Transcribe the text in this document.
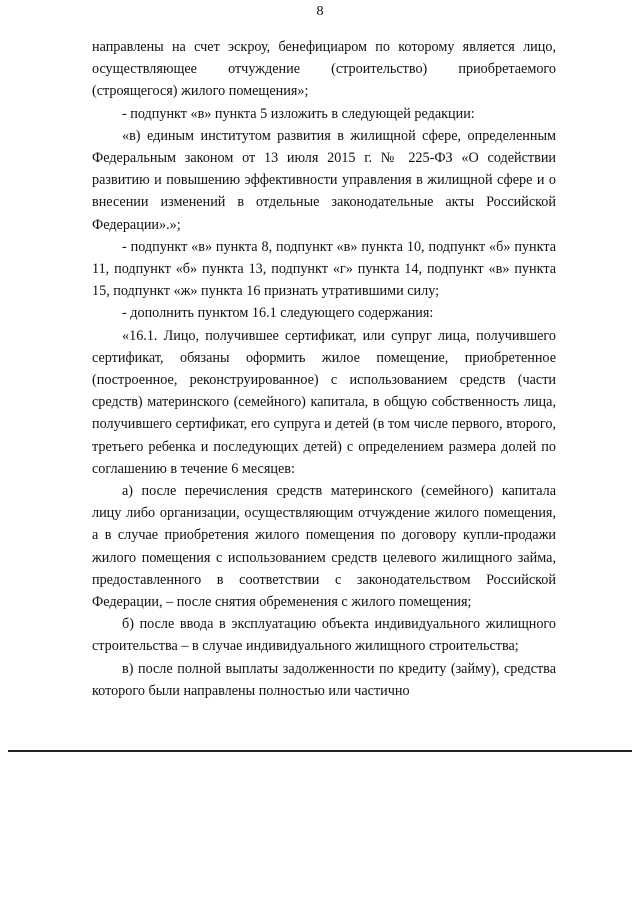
8

направлены на счет эскроу, бенефициаром по которому является лицо, осуществляющее отчуждение (строительство) приобретаемого (строящегося) жилого помещения»;

- подпункт «в» пункта 5 изложить в следующей редакции:

«в) единым институтом развития в жилищной сфере, определенным Федеральным законом от 13 июля 2015 г. № 225-ФЗ «О содействии развитию и повышению эффективности управления в жилищной сфере и о внесении изменений в отдельные законодательные акты Российской Федерации».»;

- подпункт «в» пункта 8, подпункт «в» пункта 10, подпункт «б» пункта 11, подпункт «б» пункта 13, подпункт «г» пункта 14, подпункт «в» пункта 15, подпункт «ж» пункта 16 признать утратившими силу;

- дополнить пунктом 16.1 следующего содержания:

«16.1. Лицо, получившее сертификат, или супруг лица, получившего сертификат, обязаны оформить жилое помещение, приобретенное (построенное, реконструированное) с использованием средств (части средств) материнского (семейного) капитала, в общую собственность лица, получившего сертификат, его супруга и детей (в том числе первого, второго, третьего ребенка и последующих детей) с определением размера долей по соглашению в течение 6 месяцев:

а) после перечисления средств материнского (семейного) капитала лицу либо организации, осуществляющим отчуждение жилого помещения, а в случае приобретения жилого помещения по договору купли-продажи жилого помещения с использованием средств целевого жилищного займа, предоставленного в соответствии с законодательством Российской Федерации, – после снятия обременения с жилого помещения;

б) после ввода в эксплуатацию объекта индивидуального жилищного строительства – в случае индивидуального жилищного строительства;

в) после полной выплаты задолженности по кредиту (займу), средства которого были направлены полностью или частично
